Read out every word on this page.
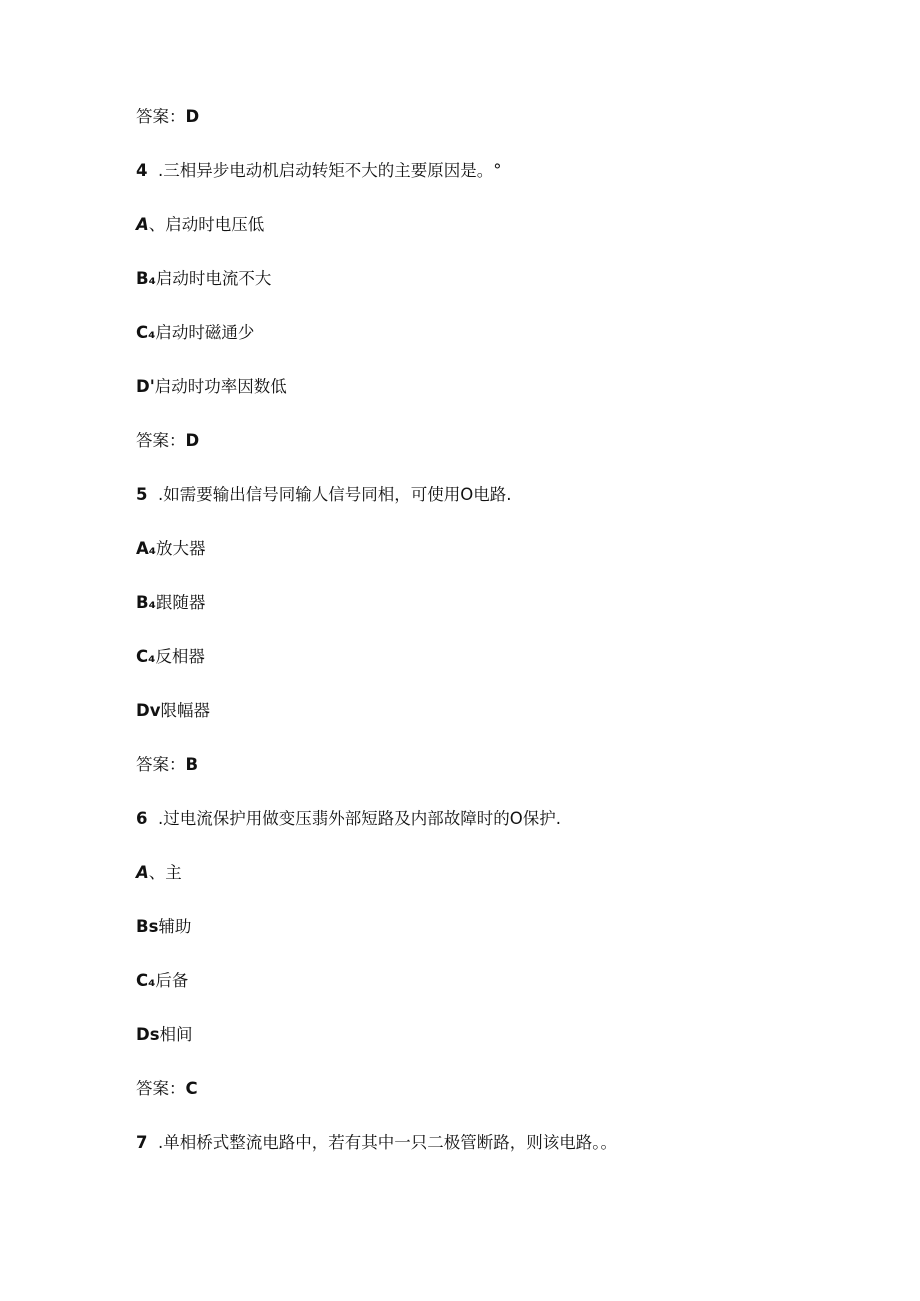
答案：D
4 .三相异步电动机启动转矩不大的主要原因是。°
A、启动时电压低
B₄启动时电流不大
C₄启动时磁通少
D'启动时功率因数低
答案：D
5 .如需要输出信号同输人信号同相，可使用O电路.
A₄放大器
B₄跟随器
C₄反相器
Dv限幅器
答案：B
6 .过电流保护用做变压翡外部短路及内部故障时的O保护.
A、主
Bs辅助
C₄后备
Ds相间
答案：C
7 .单相桥式整流电路中，若有其中一只二极管断路，则该电路。。
